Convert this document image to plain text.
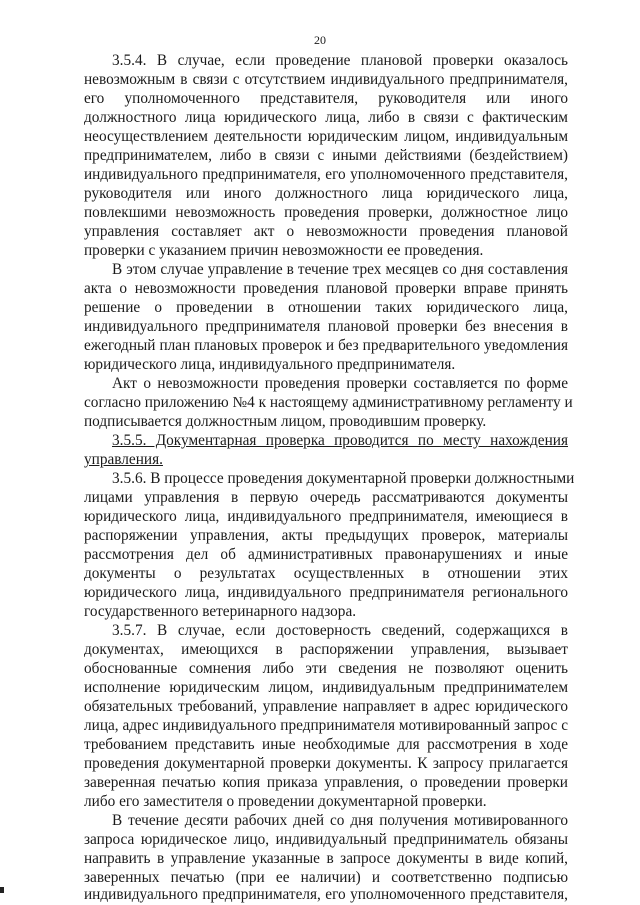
20
3.5.4. В случае, если проведение плановой проверки оказалось
невозможным в связи с отсутствием индивидуального предпринимателя,
его уполномоченного представителя, руководителя или иного
должностного лица юридического лица, либо в связи с фактическим
неосуществлением деятельности юридическим лицом, индивидуальным
предпринимателем, либо в связи с иными действиями (бездействием)
индивидуального предпринимателя, его уполномоченного представителя,
руководителя или иного должностного лица юридического лица,
повлекшими невозможность проведения проверки, должностное лицо
управления составляет акт о невозможности проведения плановой
проверки с указанием причин невозможности ее проведения.
В этом случае управление в течение трех месяцев со дня составления
акта о невозможности проведения плановой проверки вправе принять
решение о проведении в отношении таких юридического лица,
индивидуального предпринимателя плановой проверки без внесения в
ежегодный план плановых проверок и без предварительного уведомления
юридического лица, индивидуального предпринимателя.
Акт о невозможности проведения проверки составляется по форме
согласно приложению №4 к настоящему административному регламенту и
подписывается должностным лицом, проводившим проверку.
3.5.5. Документарная проверка проводится по месту нахождения
управления.
3.5.6. В процессе проведения документарной проверки должностными
лицами управления в первую очередь рассматриваются документы
юридического лица, индивидуального предпринимателя, имеющиеся в
распоряжении управления, акты предыдущих проверок, материалы
рассмотрения дел об административных правонарушениях и иные
документы о результатах осуществленных в отношении этих
юридического лица, индивидуального предпринимателя регионального
государственного ветеринарного надзора.
3.5.7. В случае, если достоверность сведений, содержащихся в
документах, имеющихся в распоряжении управления, вызывает
обоснованные сомнения либо эти сведения не позволяют оценить
исполнение юридическим лицом, индивидуальным предпринимателем
обязательных требований, управление направляет в адрес юридического
лица, адрес индивидуального предпринимателя мотивированный запрос с
требованием представить иные необходимые для рассмотрения в ходе
проведения документарной проверки документы. К запросу прилагается
заверенная печатью копия приказа управления, о проведении проверки
либо его заместителя о проведении документарной проверки.
В течение десяти рабочих дней со дня получения мотивированного
запроса юридическое лицо, индивидуальный предприниматель обязаны
направить в управление указанные в запросе документы в виде копий,
заверенных печатью (при ее наличии) и соответственно подписью
индивидуального предпринимателя, его уполномоченного представителя,
